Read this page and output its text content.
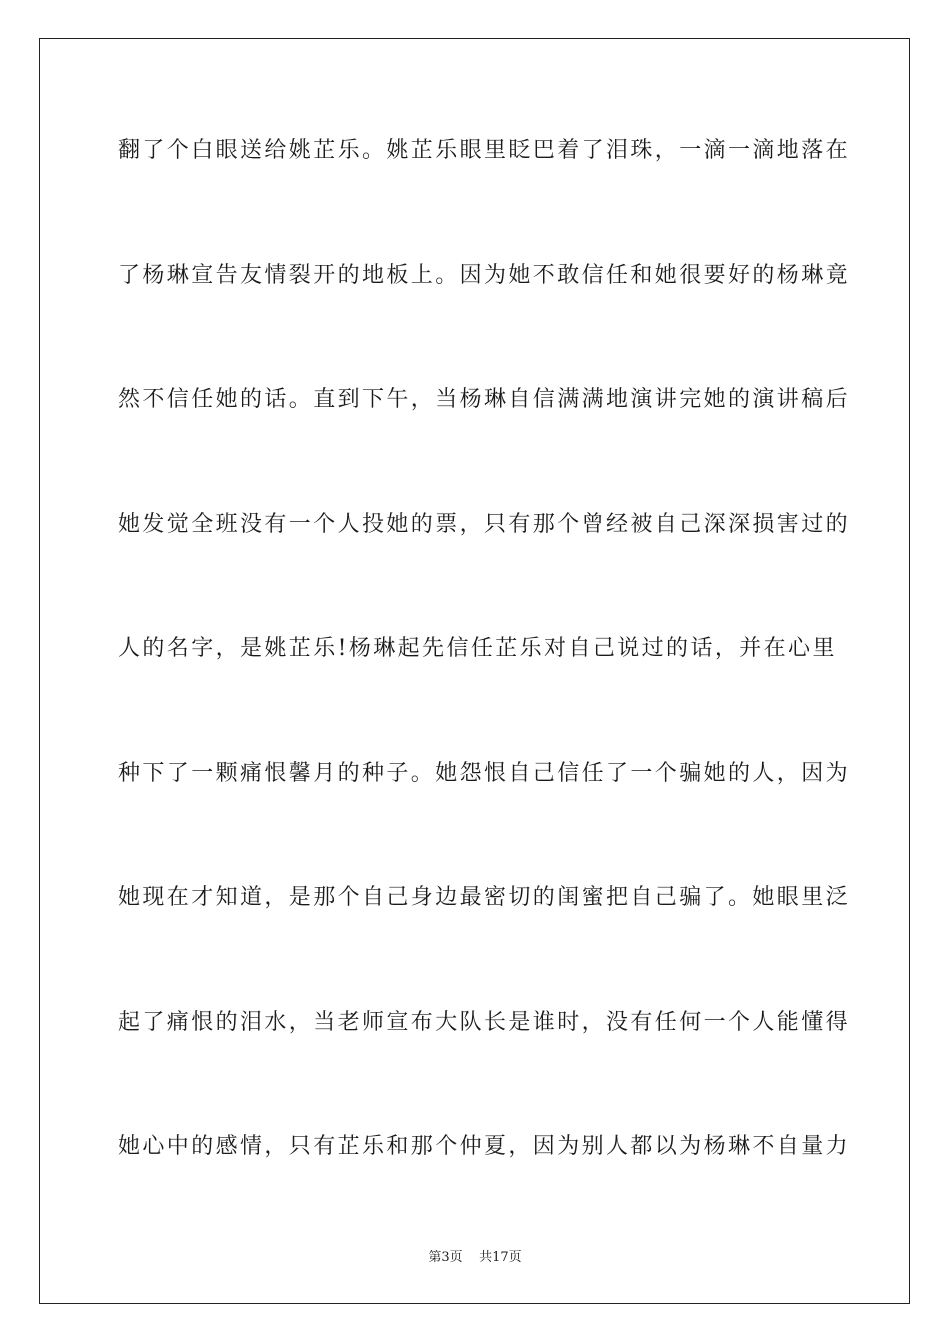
翻了个白眼送给姚芷乐。姚芷乐眼里眨巴着了泪珠，一滴一滴地落在
了杨琳宣告友情裂开的地板上。因为她不敢信任和她很要好的杨琳竟
然不信任她的话。直到下午，当杨琳自信满满地演讲完她的演讲稿后
她发觉全班没有一个人投她的票，只有那个曾经被自己深深损害过的
人的名字，是姚芷乐!杨琳起先信任芷乐对自己说过的话，并在心里
种下了一颗痛恨馨月的种子。她怨恨自己信任了一个骗她的人，因为
她现在才知道，是那个自己身边最密切的闺蜜把自己骗了。她眼里泛
起了痛恨的泪水，当老师宣布大队长是谁时，没有任何一个人能懂得
她心中的感情，只有芷乐和那个仲夏，因为别人都以为杨琳不自量力
第3页 共17页
